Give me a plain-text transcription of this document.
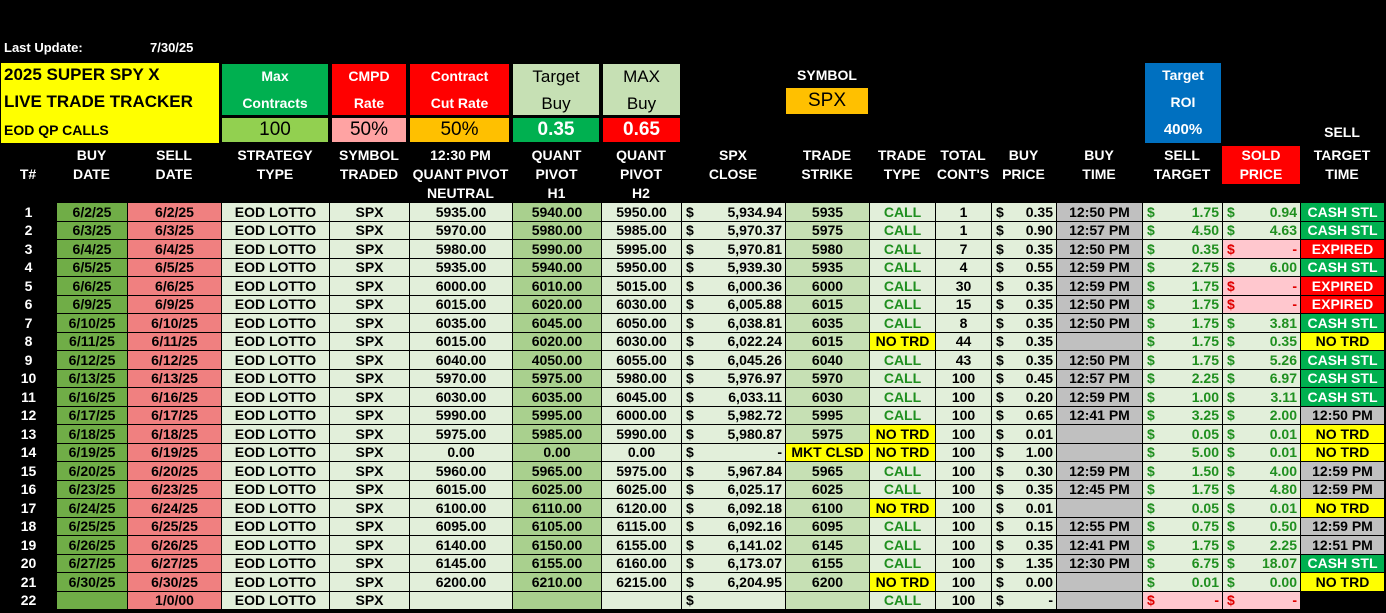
Last Update:	7/30/25
2025 SUPER SPY X
LIVE TRADE TRACKER
EOD QP CALLS
Max
Contracts
100
CMPD
Rate
50%
Contract
Cut Rate
50%
Target
Buy
0.35
MAX
Buy
0.65
SYMBOL
SPX
Target
ROI
400%	SELL
T#
BUY
DATE
SELL
DATE
STRATEGY
TYPE
SYMBOL
TRADED
12:30 PM
QUANT PIVOT
NEUTRAL
QUANT
PIVOT
H1
QUANT
PIVOT
H2
SPX
CLOSE
TRADE
STRIKE
TRADE
TYPE
TOTAL
CONT'S
BUY
PRICE
BUY
TIME
SELL
TARGET
SOLD
PRICE
TARGET
TIME
1	6/2/25	6/2/25	EOD LOTTO	SPX	5935.00	5940.00	5950.00	$ 5,934.94	5935	CALL	1	$ 0.35	12:50 PM	$ 1.75	$ 0.94	CASH STL
2	6/3/25	6/3/25	EOD LOTTO	SPX	5970.00	5980.00	5985.00	$ 5,970.37	5975	CALL	1	$ 0.90	12:57 PM	$ 4.50	$ 4.63	CASH STL
3	6/4/25	6/4/25	EOD LOTTO	SPX	5980.00	5990.00	5995.00	$ 5,970.81	5980	CALL	7	$ 0.35	12:50 PM	$ 0.35	$ -	EXPIRED
4	6/5/25	6/5/25	EOD LOTTO	SPX	5935.00	5940.00	5950.00	$ 5,939.30	5935	CALL	4	$ 0.55	12:59 PM	$ 2.75	$ 6.00	CASH STL
5	6/6/25	6/6/25	EOD LOTTO	SPX	6000.00	6010.00	5015.00	$ 6,000.36	6000	CALL	30	$ 0.35	12:59 PM	$ 1.75	$ -	EXPIRED
6	6/9/25	6/9/25	EOD LOTTO	SPX	6015.00	6020.00	6030.00	$ 6,005.88	6015	CALL	15	$ 0.35	12:50 PM	$ 1.75	$ -	EXPIRED
7	6/10/25	6/10/25	EOD LOTTO	SPX	6035.00	6045.00	6050.00	$ 6,038.81	6035	CALL	8	$ 0.35	12:50 PM	$ 1.75	$ 3.81	CASH STL
8	6/11/25	6/11/25	EOD LOTTO	SPX	6015.00	6020.00	6030.00	$ 6,022.24	6015	NO TRD	44	$ 0.35		$ 1.75	$ 0.35	NO TRD
9	6/12/25	6/12/25	EOD LOTTO	SPX	6040.00	4050.00	6055.00	$ 6,045.26	6040	CALL	43	$ 0.35	12:50 PM	$ 1.75	$ 5.26	CASH STL
10	6/13/25	6/13/25	EOD LOTTO	SPX	5970.00	5975.00	5980.00	$ 5,976.97	5970	CALL	100	$ 0.45	12:57 PM	$ 2.25	$ 6.97	CASH STL
11	6/16/25	6/16/25	EOD LOTTO	SPX	6030.00	6035.00	6045.00	$ 6,033.11	6030	CALL	100	$ 0.20	12:59 PM	$ 1.00	$ 3.11	CASH STL
12	6/17/25	6/17/25	EOD LOTTO	SPX	5990.00	5995.00	6000.00	$ 5,982.72	5995	CALL	100	$ 0.65	12:41 PM	$ 3.25	$ 2.00	12:50 PM
13	6/18/25	6/18/25	EOD LOTTO	SPX	5975.00	5985.00	5990.00	$ 5,980.87	5975	NO TRD	100	$ 0.01		$ 0.05	$ 0.01	NO TRD
14	6/19/25	6/19/25	EOD LOTTO	SPX	0.00	0.00	0.00	$ -	MKT CLSD	NO TRD	100	$ 1.00		$ 5.00	$ 0.01	NO TRD
15	6/20/25	6/20/25	EOD LOTTO	SPX	5960.00	5965.00	5975.00	$ 5,967.84	5965	CALL	100	$ 0.30	12:59 PM	$ 1.50	$ 4.00	12:59 PM
16	6/23/25	6/23/25	EOD LOTTO	SPX	6015.00	6025.00	6025.00	$ 6,025.17	6025	CALL	100	$ 0.35	12:45 PM	$ 1.75	$ 4.80	12:59 PM
17	6/24/25	6/24/25	EOD LOTTO	SPX	6100.00	6110.00	6120.00	$ 6,092.18	6100	NO TRD	100	$ 0.01		$ 0.05	$ 0.01	NO TRD
18	6/25/25	6/25/25	EOD LOTTO	SPX	6095.00	6105.00	6115.00	$ 6,092.16	6095	CALL	100	$ 0.15	12:55 PM	$ 0.75	$ 0.50	12:59 PM
19	6/26/25	6/26/25	EOD LOTTO	SPX	6140.00	6150.00	6155.00	$ 6,141.02	6145	CALL	100	$ 0.35	12:41 PM	$ 1.75	$ 2.25	12:51 PM
20	6/27/25	6/27/25	EOD LOTTO	SPX	6145.00	6155.00	6160.00	$ 6,173.07	6155	CALL	100	$ 1.35	12:30 PM	$ 6.75	$ 18.07	CASH STL
21	6/30/25	6/30/25	EOD LOTTO	SPX	6200.00	6210.00	6215.00	$ 6,204.95	6200	NO TRD	100	$ 0.00		$ 0.01	$ 0.00	NO TRD
22		1/0/00	EOD LOTTO	SPX				$		CALL	100	$ -		$ -	$ -	
